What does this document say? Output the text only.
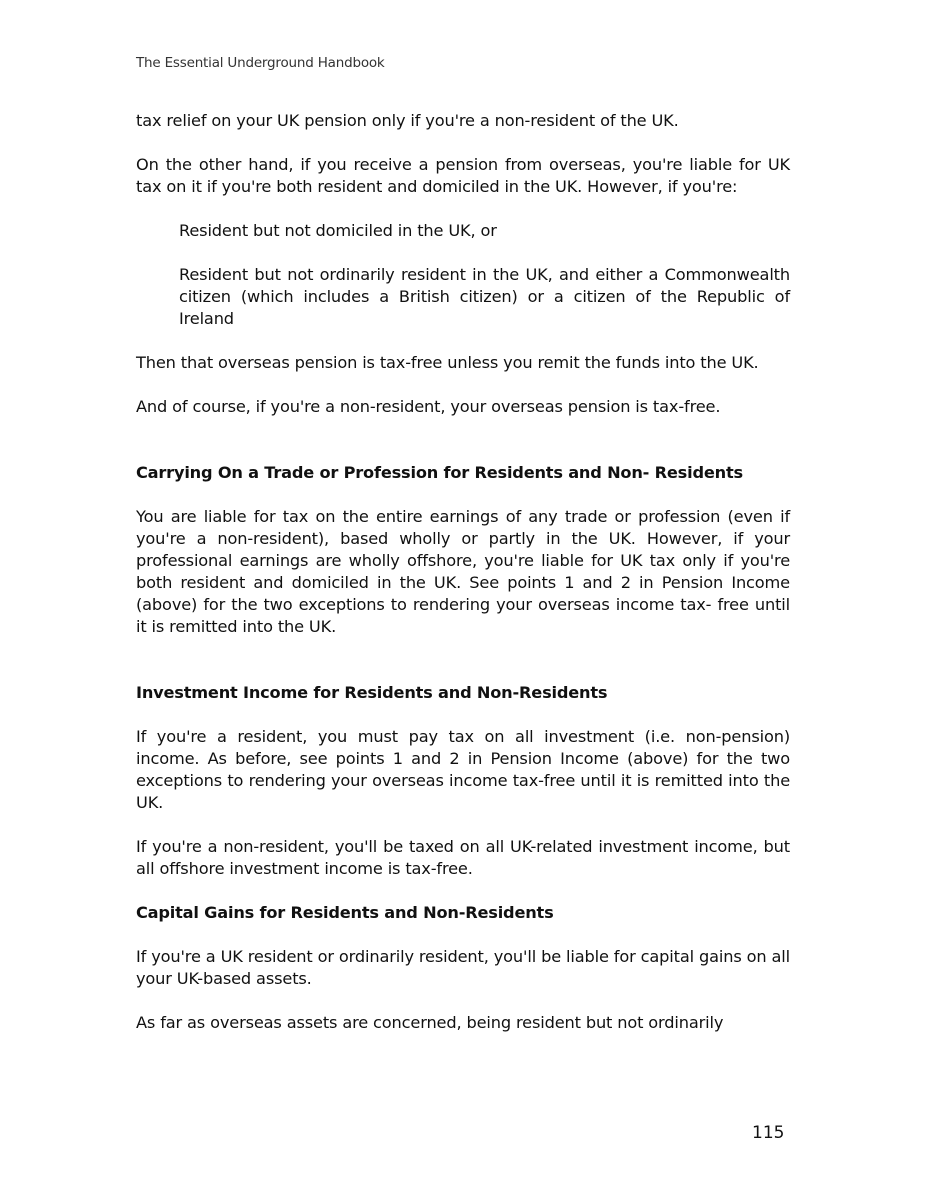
The Essential Underground Handbook

tax relief on your UK pension only if you're a non-resident of the UK.

On the other hand, if you receive a pension from overseas, you're liable for UK tax on it if you're both resident and domiciled in the UK. However, if you're:

Resident but not domiciled in the UK, or

Resident but not ordinarily resident in the UK, and either a Commonwealth citizen (which includes a British citizen) or a citizen of the Republic of Ireland

Then that overseas pension is tax-free unless you remit the funds into the UK.

And of course, if you're a non-resident, your overseas pension is tax-free.

Carrying On a Trade or Profession for Residents and Non- Residents

You are liable for tax on the entire earnings of any trade or profession (even if you're a non-resident), based wholly or partly in the UK. However, if your professional earnings are wholly offshore, you're liable for UK tax only if you're both resident and domiciled in the UK. See points 1 and 2 in Pension Income (above) for the two exceptions to rendering your overseas income tax- free until it is remitted into the UK.

Investment Income for Residents and Non-Residents

If you're a resident, you must pay tax on all investment (i.e. non-pension) income. As before, see points 1 and 2 in Pension Income (above) for the two exceptions to rendering your overseas income tax-free until it is remitted into the UK.

If you're a non-resident, you'll be taxed on all UK-related investment income, but all offshore investment income is tax-free.

Capital Gains for Residents and Non-Residents

If you're a UK resident or ordinarily resident, you'll be liable for capital gains on all your UK-based assets.

As far as overseas assets are concerned, being resident but not ordinarily

115
